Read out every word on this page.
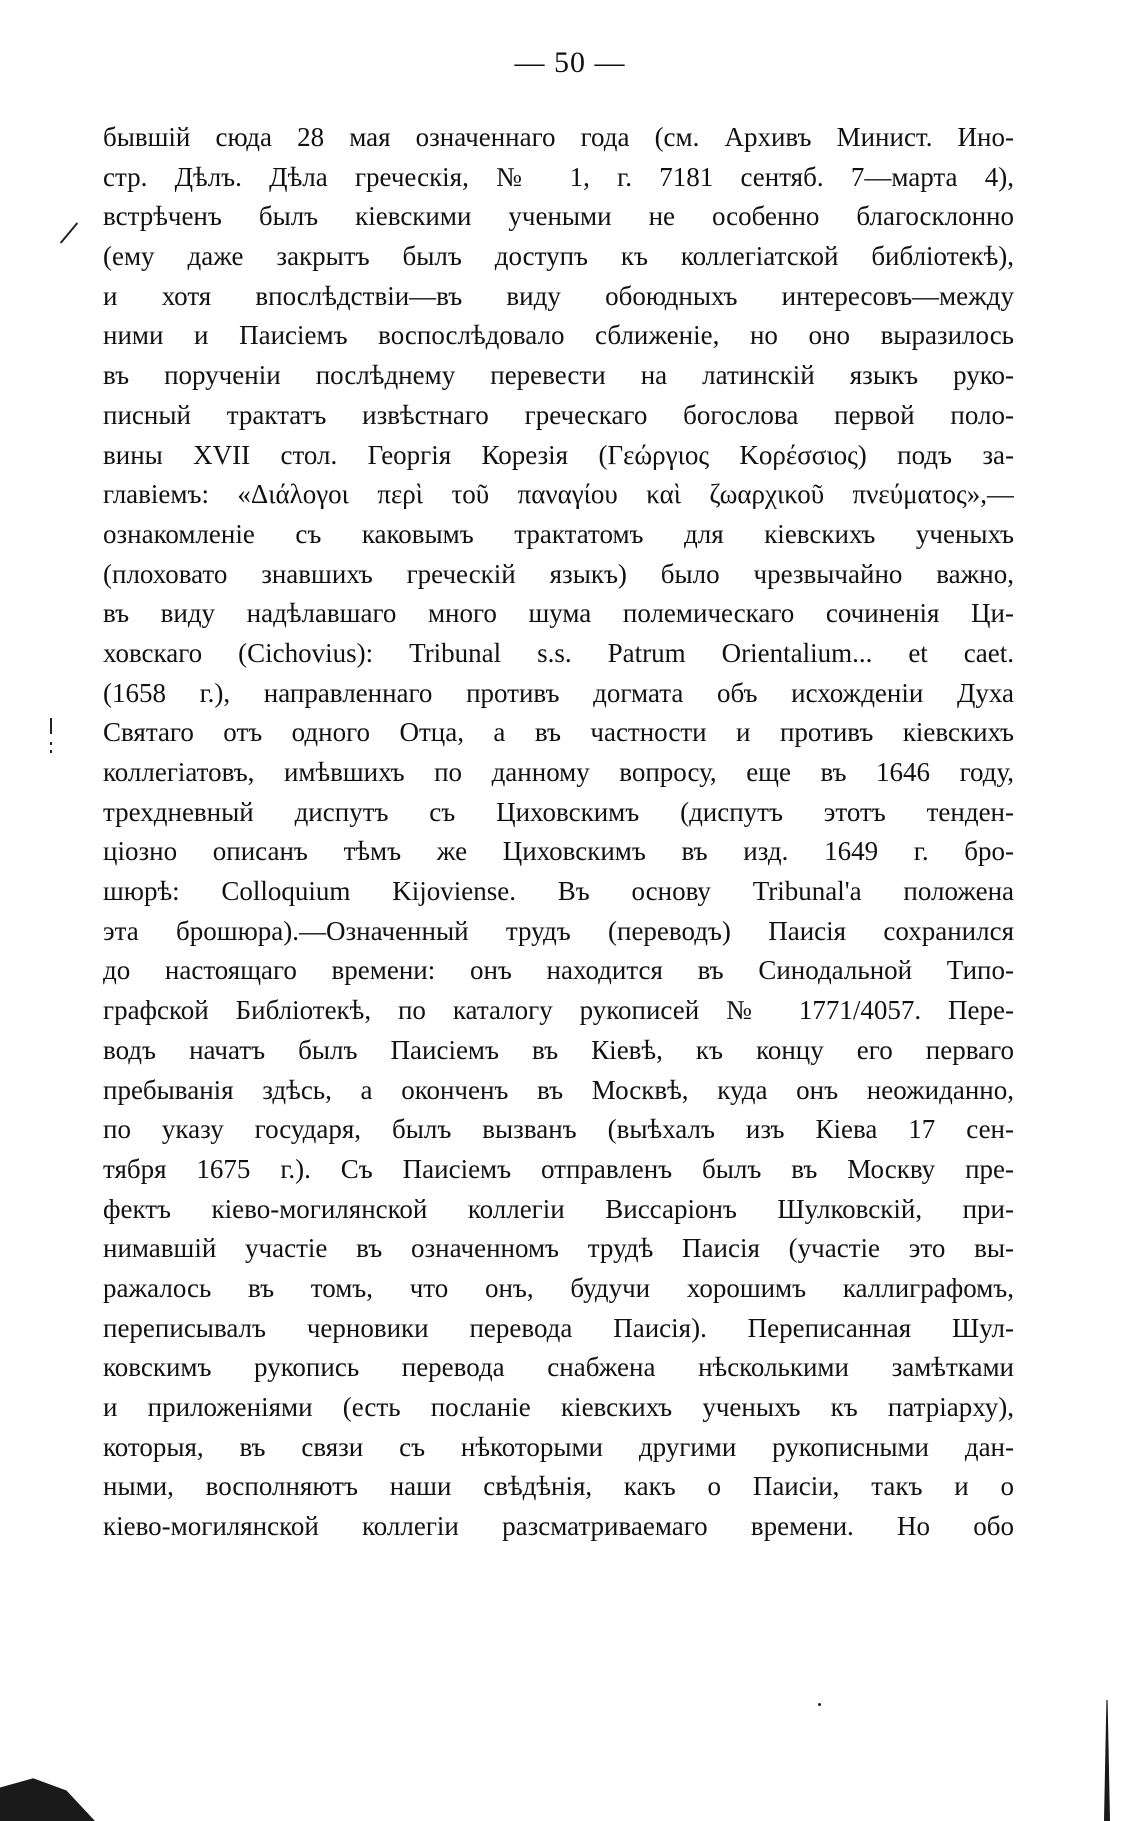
— 50 —
бывшій сюда 28 мая означеннаго года (см. Архивъ Минист. Ино-
стр. Дѣлъ. Дѣла греческія, № 1, г. 7181 сентяб. 7—марта 4),
встрѣченъ былъ кіевскими учеными не особенно благосклонно
(ему даже закрытъ былъ доступъ къ коллегіатской библіотекѣ),
и хотя впослѣдствіи—въ виду обоюдныхъ интересовъ—между
ними и Паисіемъ воспослѣдовало сближеніе, но оно выразилось
въ порученіи послѣднему перевести на латинскій языкъ руко-
писный трактатъ извѣстнаго греческаго богослова первой поло-
вины XVII стол. Георгія Корезія (Γεώργιος Κορέσσιος) подъ за-
главіемъ: «Διάλογοι περὶ τοῦ παναγίου καὶ ζωαρχικοῦ πνεύματος»,—
ознакомленіе съ каковымъ трактатомъ для кіевскихъ ученыхъ
(плоховато знавшихъ греческій языкъ) было чрезвычайно важно,
въ виду надѣлавшаго много шума полемическаго сочиненія Ци-
ховскаго (Cichovius): Tribunal s.s. Patrum Orientalium... et caet.
(1658 г.), направленнаго противъ догмата объ исхожденіи Духа
Святаго отъ одного Отца, а въ частности и противъ кіевскихъ
коллегіатовъ, имѣвшихъ по данному вопросу, еще въ 1646 году,
трехдневный диспутъ съ Циховскимъ (диспутъ этотъ тенден-
ціозно описанъ тѣмъ же Циховскимъ въ изд. 1649 г. бро-
шюрѣ: Colloquium Kijoviense. Въ основу Tribunal'а положена
эта брошюра).—Означенный трудъ (переводъ) Паисія сохранился
до настоящаго времени: онъ находится въ Синодальной Типо-
графской Библіотекѣ, по каталогу рукописей № 1771/4057. Пере-
водъ начатъ былъ Паисіемъ въ Кіевѣ, къ концу его перваго
пребыванія здѣсь, а оконченъ въ Москвѣ, куда онъ неожиданно,
по указу государя, былъ вызванъ (выѣхалъ изъ Кіева 17 сен-
тября 1675 г.). Съ Паисіемъ отправленъ былъ въ Москву пре-
фектъ кіево-могилянской коллегіи Виссаріонъ Шулковскій, при-
нимавшій участіе въ означенномъ трудѣ Паисія (участіе это вы-
ражалось въ томъ, что онъ, будучи хорошимъ каллиграфомъ,
переписывалъ черновики перевода Паисія). Переписанная Шул-
ковскимъ рукопись перевода снабжена нѣсколькими замѣтками
и приложеніями (есть посланіе кіевскихъ ученыхъ къ патріарху),
которыя, въ связи съ нѣкоторыми другими рукописными дан-
ными, восполняютъ наши свѣдѣнія, какъ о Паисіи, такъ и о
кіево-могилянской коллегіи разсматриваемаго времени. Но обо
